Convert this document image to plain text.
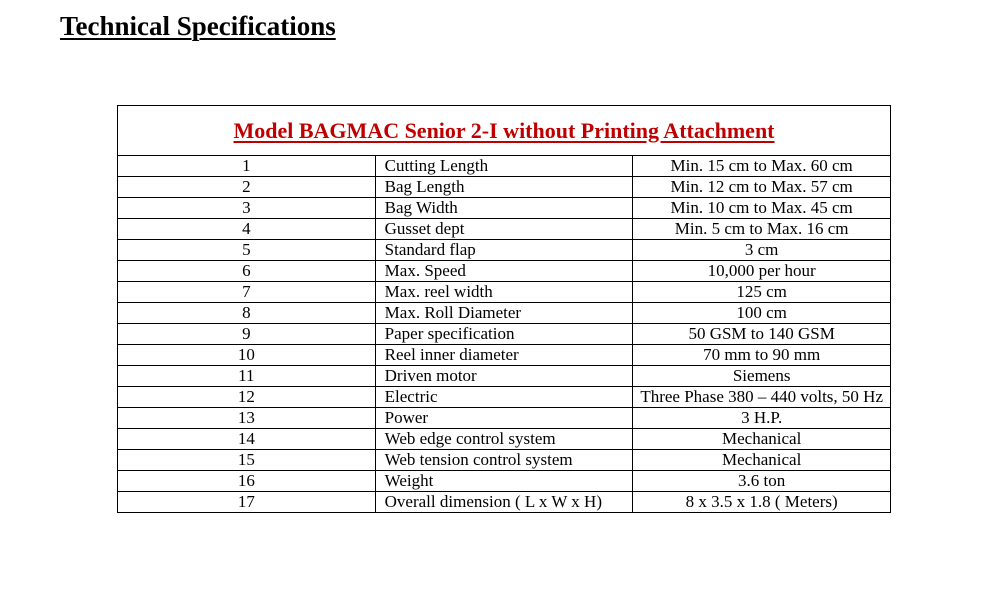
Technical Specifications
Model BAGMAC Senior 2-I without Printing Attachment		
1	Cutting Length	Min. 15 cm to Max. 60 cm
2	Bag Length	Min. 12 cm to Max. 57 cm
3	Bag Width	Min. 10 cm to Max. 45 cm
4	Gusset dept	Min. 5 cm to Max. 16 cm
5	Standard flap	3 cm
6	Max. Speed	10,000 per hour
7	Max. reel width	125 cm
8	Max. Roll Diameter	100 cm
9	Paper specification	50 GSM to 140 GSM
10	Reel inner diameter	70 mm to 90 mm
11	Driven motor	Siemens
12	Electric	Three Phase 380 – 440 volts, 50 Hz
13	Power	3 H.P.
14	Web edge control system	Mechanical
15	Web tension control system	Mechanical
16	Weight	3.6 ton
17	Overall dimension ( L x W x H)	8 x 3.5 x 1.8 ( Meters)
